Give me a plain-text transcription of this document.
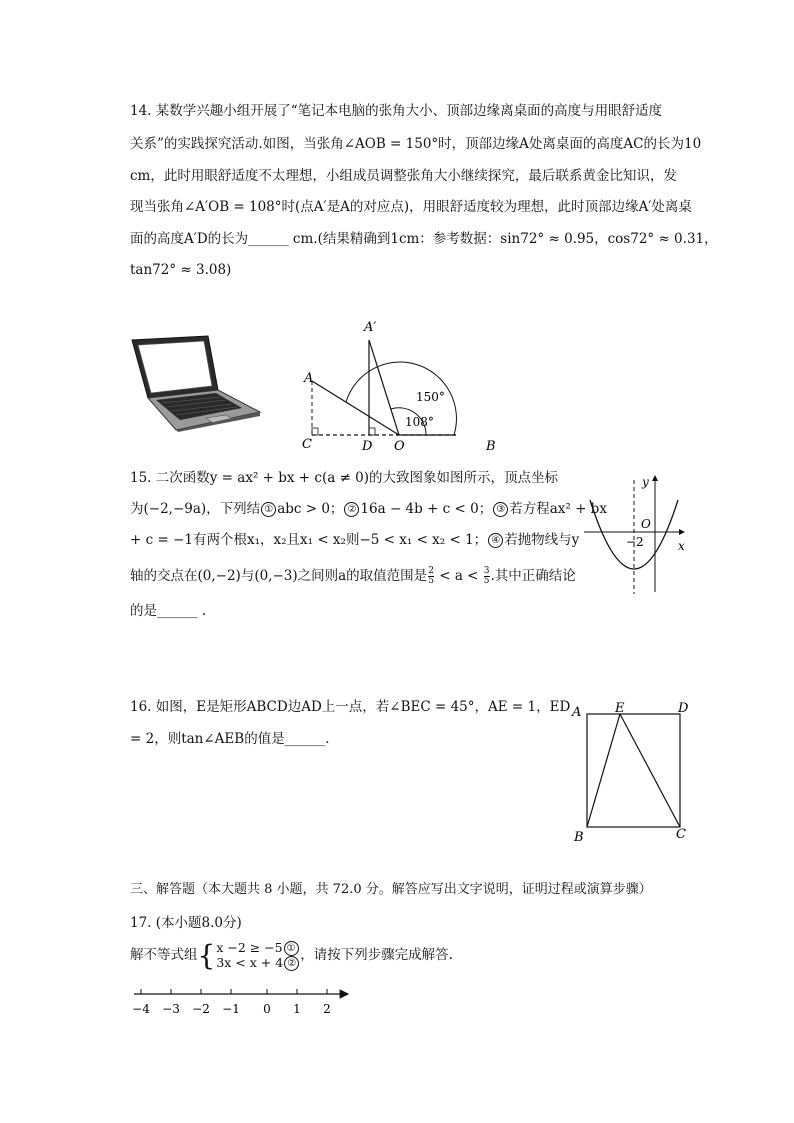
14. 某数学兴趣小组开展了“笔记本电脑的张角大小、顶部边缘离桌面的高度与用眼舒适度
关系”的实践探究活动.如图，当张角∠AOB = 150°时，顶部边缘A处离桌面的高度AC的长为10
cm，此时用眼舒适度不太理想，小组成员调整张角大小继续探究，最后联系黄金比知识，发
现当张角∠A′OB = 108°时(点A′是A的对应点)，用眼舒适度较为理想，此时顶部边缘A′处离桌
面的高度A′D的长为______ cm.(结果精确到1cm：参考数据：sin72° ≈ 0.95，cos72° ≈ 0.31，
tan72° ≈ 3.08)
A′
A
C	D O	B
150°
108°
15. 二次函数y = ax² + bx + c(a ≠ 0)的大致图象如图所示，顶点坐标
为(−2,−9a)，下列结 ① abc > 0； ② 16a − 4b + c < 0； ③ 若方程ax² + bx
+ c = −1有两个根x₁，x₂且x₁ < x₂则−5 < x₁ < x₂ < 1； ④ 若抛物线与y
轴的交点在(0,−2)与(0,−3)之间则a的取值范围是 $\frac{2}{5} < a < \frac{3}{5}$ .其中正确结论
的是______ .
y
x
O
−2
16. 如图，E是矩形ABCD边AD上一点，若∠BEC = 45°，AE = 1，ED
= 2，则tan∠AEB的值是______.
A	E	D
B	C
三、解答题（本大题共 8 小题，共 72.0 分。解答应写出文字说明，证明过程或演算步骤）
17. (本小题8.0分)
解不等式组{x −2 ≥ −5 ①
3x < x + 4 ② ，请按下列步骤完成解答.
−4 −3 −2 −1 0 1 2
